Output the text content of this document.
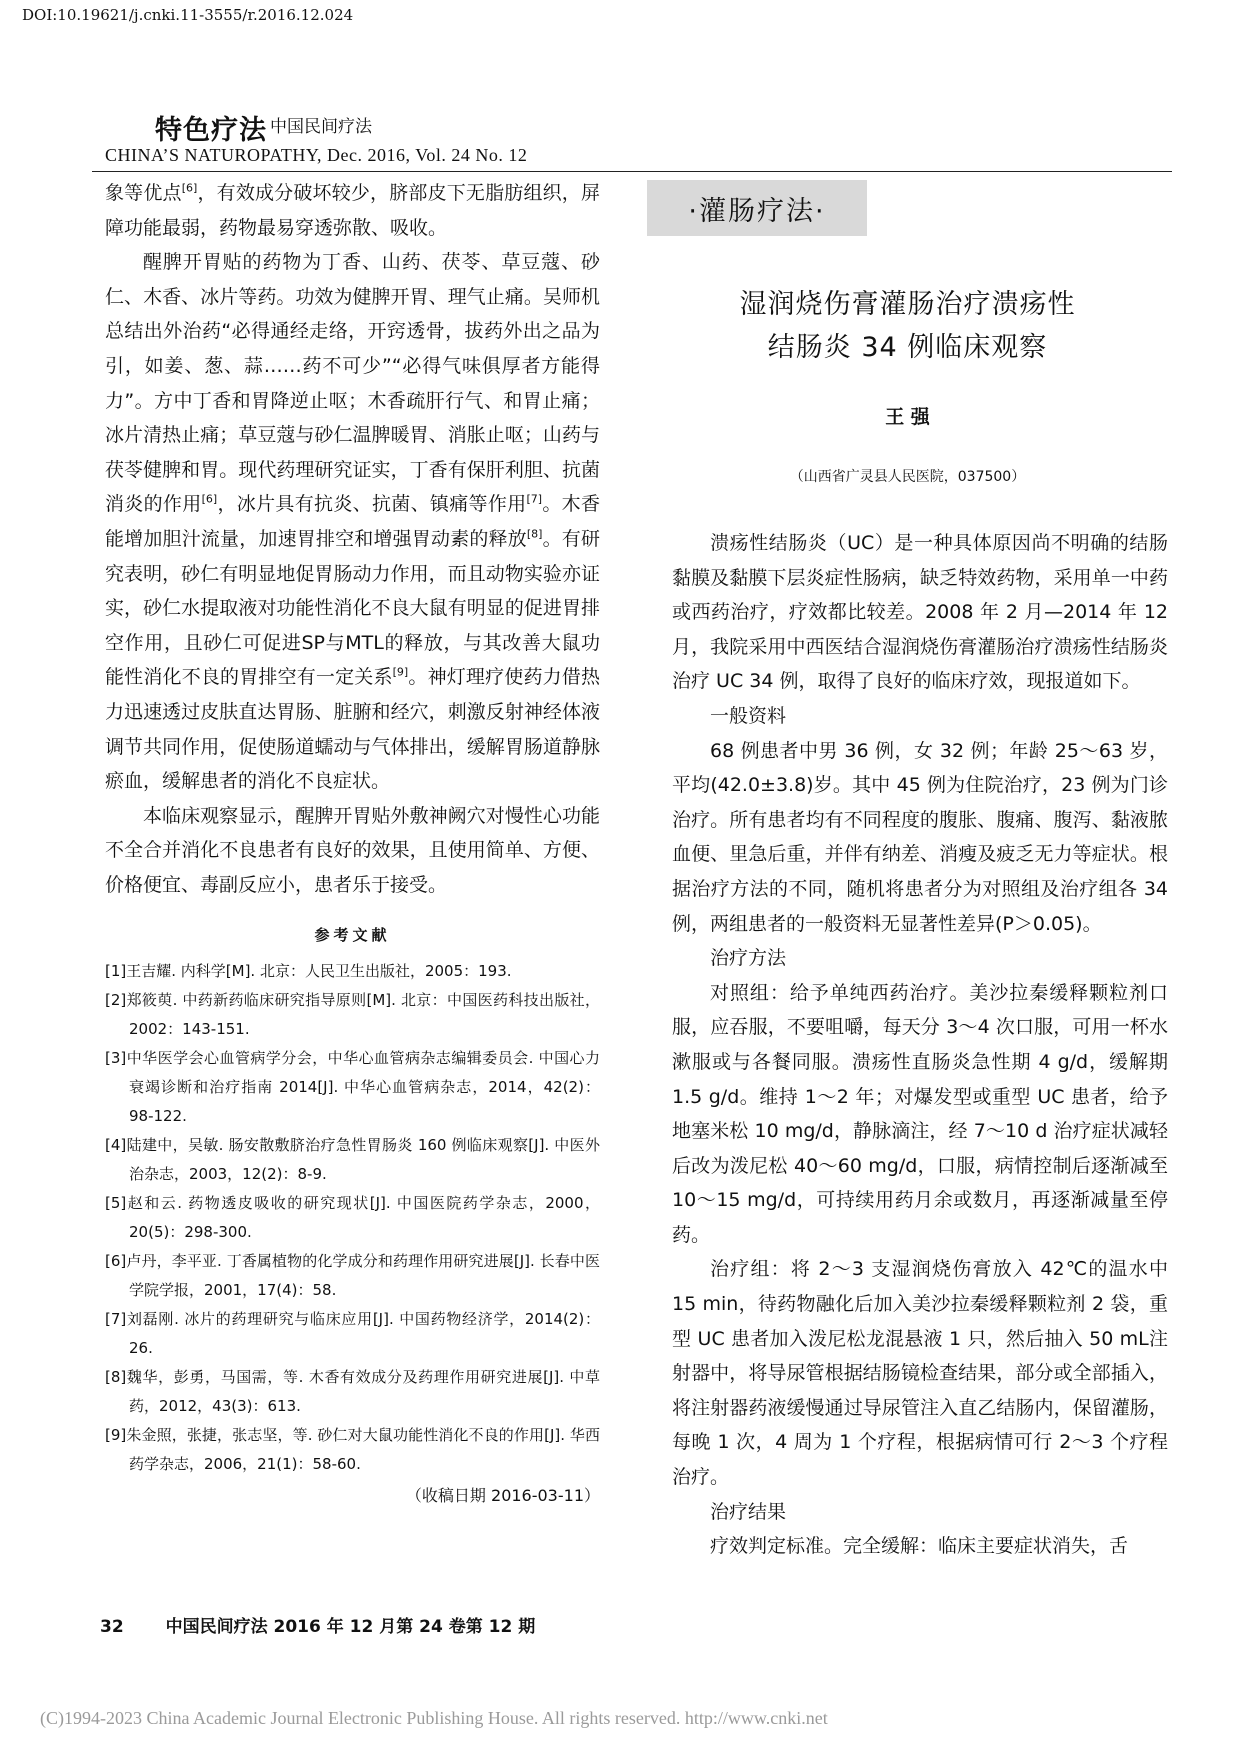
DOI:10.19621/j.cnki.11-3555/r.2016.12.024
特色疗法 中国民间疗法
CHINA’S NATUROPATHY, Dec. 2016, Vol. 24 No. 12

象等优点[6]，有效成分破坏较少，脐部皮下无脂肪组织，屏障功能最弱，药物最易穿透弥散、吸收。

醒脾开胃贴的药物为丁香、山药、茯苓、草豆蔻、砂仁、木香、冰片等药。功效为健脾开胃、理气止痛。吴师机总结出外治药“必得通经走络，开窍透骨，拔药外出之品为引，如姜、葱、蒜……药不可少”“必得气味俱厚者方能得力”。方中丁香和胃降逆止呕；木香疏肝行气、和胃止痛；冰片清热止痛；草豆蔻与砂仁温脾暖胃、消胀止呕；山药与茯苓健脾和胃。现代药理研究证实，丁香有保肝利胆、抗菌消炎的作用[6]，冰片具有抗炎、抗菌、镇痛等作用[7]。木香能增加胆汁流量，加速胃排空和增强胃动素的释放[8]。有研究表明，砂仁有明显地促胃肠动力作用，而且动物实验亦证实，砂仁水提取液对功能性消化不良大鼠有明显的促进胃排空作用，且砂仁可促进SP与MTL的释放，与其改善大鼠功能性消化不良的胃排空有一定关系[9]。神灯理疗使药力借热力迅速透过皮肤直达胃肠、脏腑和经穴，刺激反射神经体液调节共同作用，促使肠道蠕动与气体排出，缓解胃肠道静脉瘀血，缓解患者的消化不良症状。

本临床观察显示，醒脾开胃贴外敷神阙穴对慢性心功能不全合并消化不良患者有良好的效果，且使用简单、方便、价格便宜、毒副反应小，患者乐于接受。

参考文献

[1]王吉耀. 内科学[M]. 北京：人民卫生出版社，2005：193.

[2]郑筱萸. 中药新药临床研究指导原则[M]. 北京：中国医药科技出版社，2002：143-151.

[3]中华医学会心血管病学分会，中华心血管病杂志编辑委员会. 中国心力衰竭诊断和治疗指南 2014[J]. 中华心血管病杂志，2014，42(2)：98-122.

[4]陆建中，吴敏. 肠安散敷脐治疗急性胃肠炎 160 例临床观察[J]. 中医外治杂志，2003，12(2)：8-9.

[5]赵和云. 药物透皮吸收的研究现状[J]. 中国医院药学杂志，2000，20(5)：298-300.

[6]卢丹，李平亚. 丁香属植物的化学成分和药理作用研究进展[J]. 长春中医学院学报，2001，17(4)：58.

[7]刘磊刚. 冰片的药理研究与临床应用[J]. 中国药物经济学，2014(2)：26.

[8]魏华，彭勇，马国需，等. 木香有效成分及药理作用研究进展[J]. 中草药，2012，43(3)：613.

[9]朱金照，张捷，张志坚，等. 砂仁对大鼠功能性消化不良的作用[J]. 华西药学杂志，2006，21(1)：58-60.

（收稿日期 2016-03-11）
·灌肠疗法·
湿润烧伤膏灌肠治疗溃疡性
结肠炎 34 例临床观察
王 强
（山西省广灵县人民医院，037500）

溃疡性结肠炎（UC）是一种具体原因尚不明确的结肠黏膜及黏膜下层炎症性肠病，缺乏特效药物，采用单一中药或西药治疗，疗效都比较差。2008 年 2 月—2014 年 12 月，我院采用中西医结合湿润烧伤膏灌肠治疗溃疡性结肠炎治疗 UC 34 例，取得了良好的临床疗效，现报道如下。

一般资料

68 例患者中男 36 例，女 32 例；年龄 25～63 岁，平均(42.0±3.8)岁。其中 45 例为住院治疗，23 例为门诊治疗。所有患者均有不同程度的腹胀、腹痛、腹泻、黏液脓血便、里急后重，并伴有纳差、消瘦及疲乏无力等症状。根据治疗方法的不同，随机将患者分为对照组及治疗组各 34 例，两组患者的一般资料无显著性差异(P＞0.05)。

治疗方法

对照组：给予单纯西药治疗。美沙拉秦缓释颗粒剂口服，应吞服，不要咀嚼，每天分 3～4 次口服，可用一杯水漱服或与各餐同服。溃疡性直肠炎急性期 4 g/d，缓解期 1.5 g/d。维持 1～2 年；对爆发型或重型 UC 患者，给予地塞米松 10 mg/d，静脉滴注，经 7～10 d 治疗症状减轻后改为泼尼松 40～60 mg/d，口服，病情控制后逐渐减至 10～15 mg/d，可持续用药月余或数月，再逐渐减量至停药。

治疗组：将 2～3 支湿润烧伤膏放入 42℃的温水中 15 min，待药物融化后加入美沙拉秦缓释颗粒剂 2 袋，重型 UC 患者加入泼尼松龙混悬液 1 只，然后抽入 50 mL注射器中，将导尿管根据结肠镜检查结果，部分或全部插入，将注射器药液缓慢通过导尿管注入直乙结肠内，保留灌肠，每晚 1 次，4 周为 1 个疗程，根据病情可行 2～3 个疗程治疗。

治疗结果

疗效判定标准。完全缓解：临床主要症状消失，舌

32 中国民间疗法 2016 年 12 月第 24 卷第 12 期
(C)1994-2023 China Academic Journal Electronic Publishing House. All rights reserved. http://www.cnki.net
